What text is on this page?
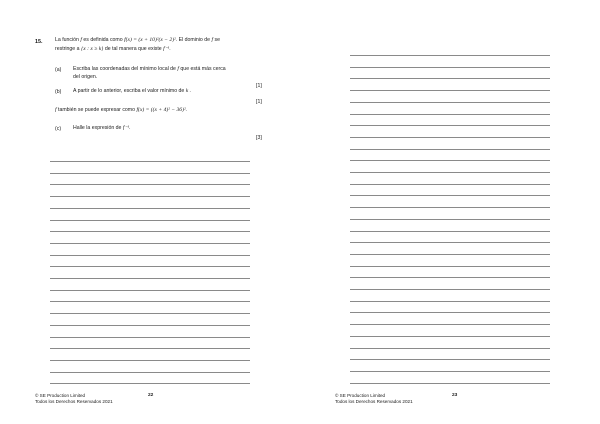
15. La función f es definida como f(x) = (x + 10)²(x − 2)². El dominio de f se
restringe a {x : x ≥ k} de tal manera que existe f⁻¹.
(a) Escriba las coordenadas del mínimo local de f que está más cerca
del origen.
[1]
(b) A partir de lo anterior, escriba el valor mínimo de k .
[1]
f también se puede expresar como f(x) = ((x + 4)² − 36)².
(c) Halle la expresión de f⁻¹.
[3]
© SE Production Limited
Todos los Derechos Reservados 2021
22	© SE Production Limited
Todos los Derechos Reservados 2021
23
